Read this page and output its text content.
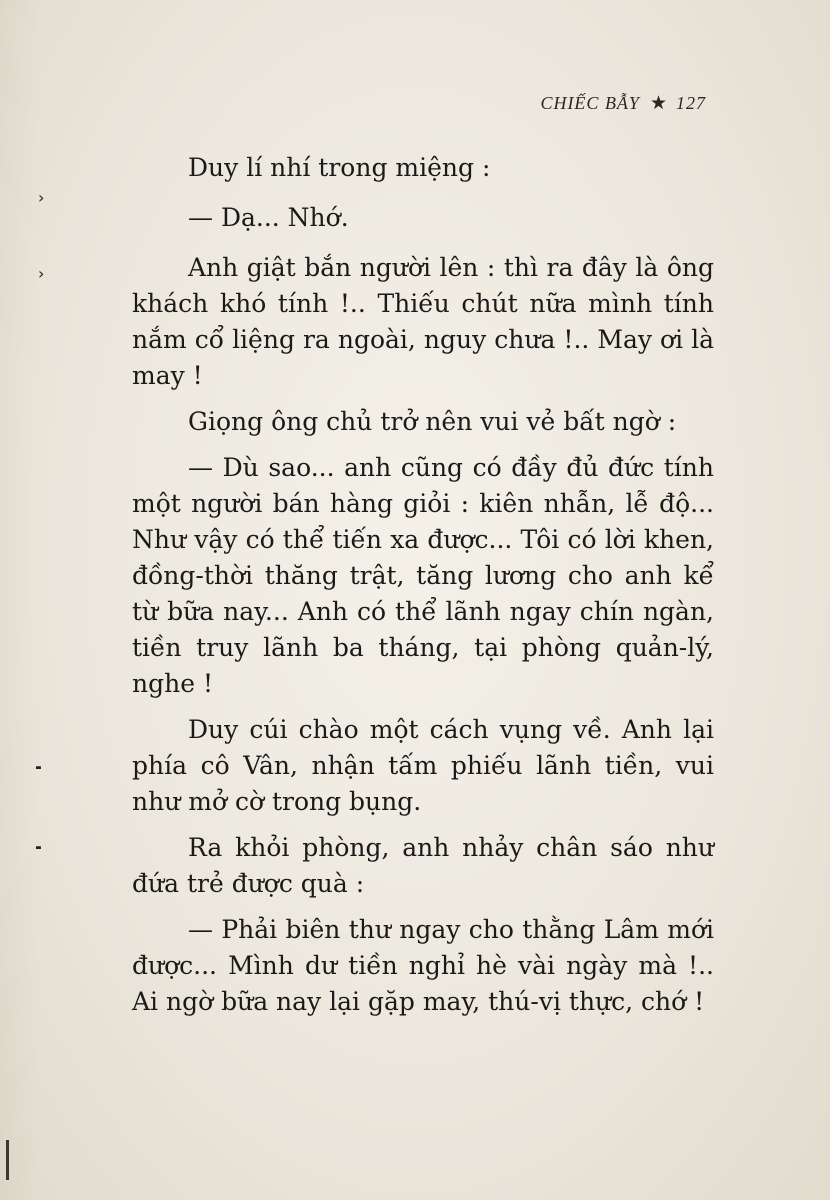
CHIẾC BẪY ★ 127
›
›
╸
╸

Duy lí nhí trong miệng :

— Dạ... Nhớ.

Anh giật bắn người lên : thì ra đây là ông khách khó tính !.. Thiếu chút nữa mình tính nắm cổ liệng ra ngoài, nguy chưa !.. May ơi là may !

Giọng ông chủ trở nên vui vẻ bất ngờ :

— Dù sao... anh cũng có đầy đủ đức tính một người bán hàng giỏi : kiên nhẫn, lễ độ... Như vậy có thể tiến xa được... Tôi có lời khen, đồng-thời thăng trật, tăng lương cho anh kể từ bữa nay... Anh có thể lãnh ngay chín ngàn, tiền truy lãnh ba tháng, tại phòng quản-lý, nghe !

Duy cúi chào một cách vụng về. Anh lại phía cô Vân, nhận tấm phiếu lãnh tiền, vui như mở cờ trong bụng.

Ra khỏi phòng, anh nhảy chân sáo như đứa trẻ được quà :

— Phải biên thư ngay cho thằng Lâm mới được... Mình dư tiền nghỉ hè vài ngày mà !.. Ai ngờ bữa nay lại gặp may, thú-vị thực, chớ !
